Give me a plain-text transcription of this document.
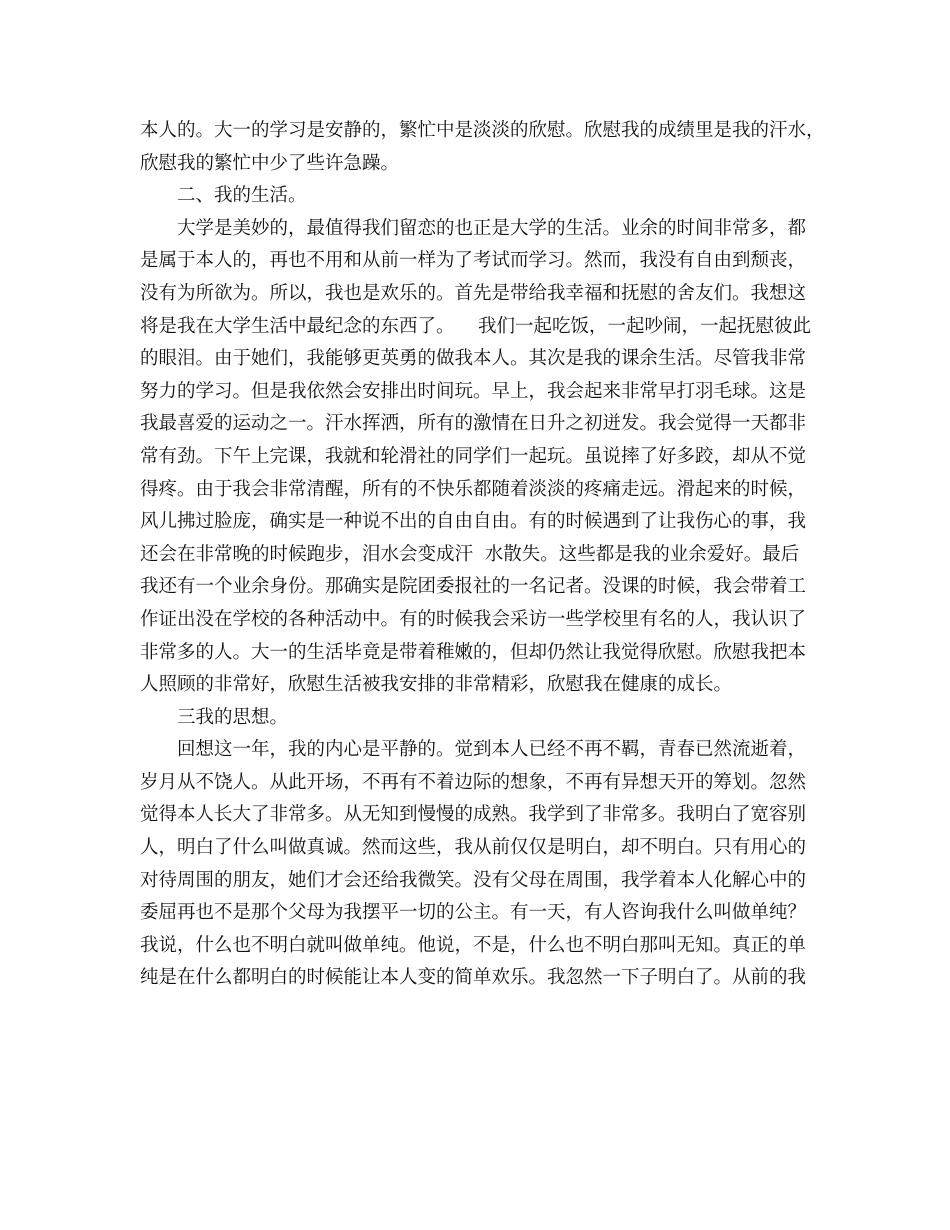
本人的。大一的学习是安静的，繁忙中是淡淡的欣慰。欣慰我的成绩里是我的汗水，
欣慰我的繁忙中少了些许急躁。
二、我的生活。
大学是美妙的，最值得我们留恋的也正是大学的生活。业余的时间非常多，都
是属于本人的，再也不用和从前一样为了考试而学习。然而，我没有自由到颓丧，
没有为所欲为。所以，我也是欢乐的。首先是带给我幸福和抚慰的舍友们。我想这
将是我在大学生活中最纪念的东西了。    我们一起吃饭，一起吵闹，一起抚慰彼此
的眼泪。由于她们，我能够更英勇的做我本人。其次是我的课余生活。尽管我非常
努力的学习。但是我依然会安排出时间玩。早上，我会起来非常早打羽毛球。这是
我最喜爱的运动之一。汗水挥洒，所有的激情在日升之初迸发。我会觉得一天都非
常有劲。下午上完课，我就和轮滑社的同学们一起玩。虽说摔了好多跤，却从不觉
得疼。由于我会非常清醒，所有的不快乐都随着淡淡的疼痛走远。滑起来的时候，
风儿拂过脸庞，确实是一种说不出的自由自由。有的时候遇到了让我伤心的事，我
还会在非常晚的时候跑步，泪水会变成汗  水散失。这些都是我的业余爱好。最后
我还有一个业余身份。那确实是院团委报社的一名记者。没课的时候，我会带着工
作证出没在学校的各种活动中。有的时候我会采访一些学校里有名的人，我认识了
非常多的人。大一的生活毕竟是带着稚嫩的，但却仍然让我觉得欣慰。欣慰我把本
人照顾的非常好，欣慰生活被我安排的非常精彩，欣慰我在健康的成长。
三我的思想。
回想这一年，我的内心是平静的。觉到本人已经不再不羁，青春已然流逝着，
岁月从不饶人。从此开场，不再有不着边际的想象，不再有异想天开的筹划。忽然
觉得本人长大了非常多。从无知到慢慢的成熟。我学到了非常多。我明白了宽容别
人，明白了什么叫做真诚。然而这些，我从前仅仅是明白，却不明白。只有用心的
对待周围的朋友，她们才会还给我微笑。没有父母在周围，我学着本人化解心中的
委屈再也不是那个父母为我摆平一切的公主。有一天，有人咨询我什么叫做单纯？
我说，什么也不明白就叫做单纯。他说，不是，什么也不明白那叫无知。真正的单
纯是在什么都明白的时候能让本人变的简单欢乐。我忽然一下子明白了。从前的我
